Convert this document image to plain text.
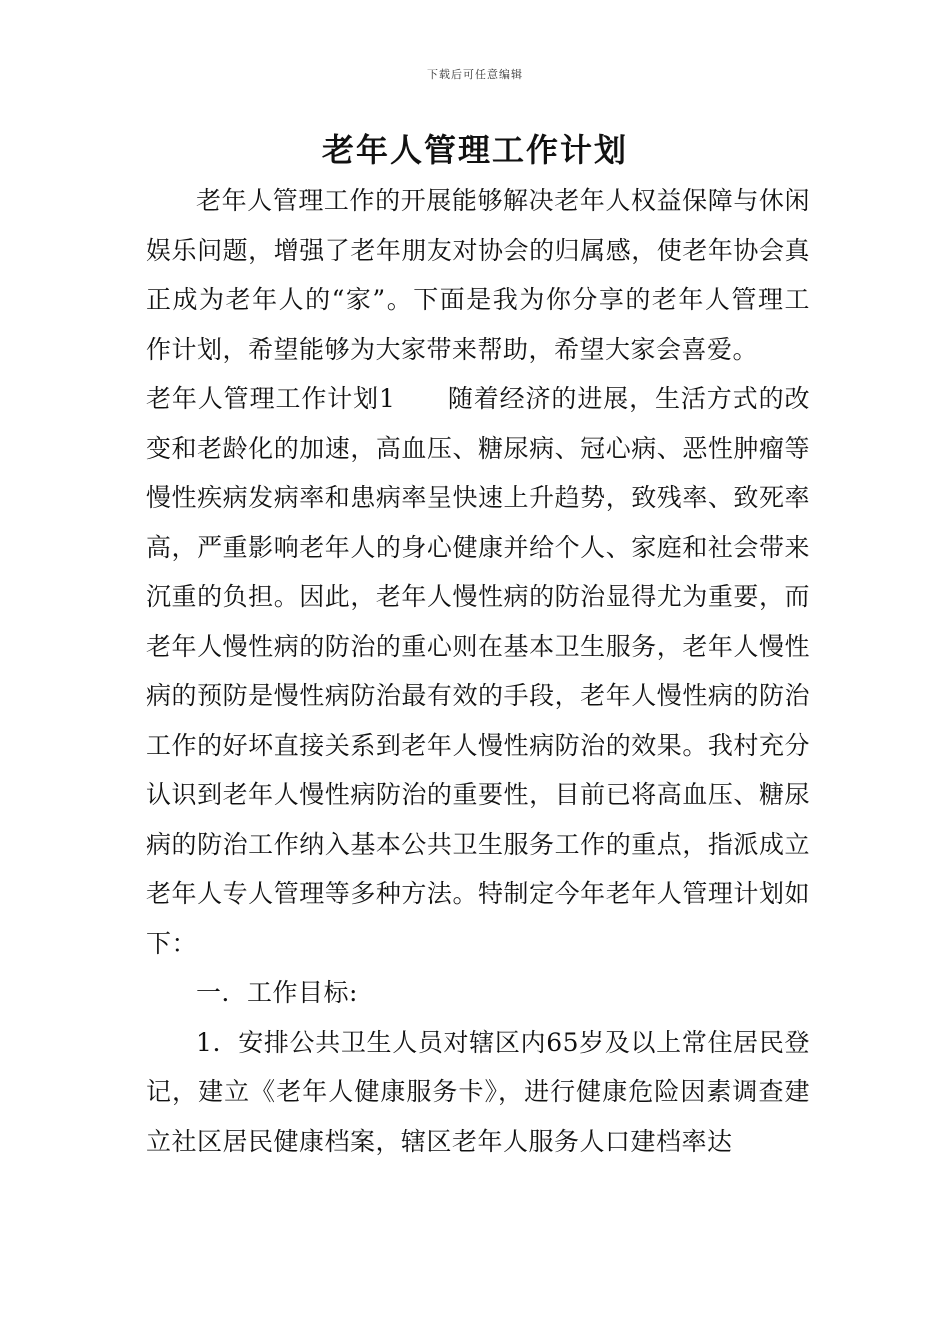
下载后可任意编辑
老年人管理工作计划

老年人管理工作的开展能够解决老年人权益保障与休闲娱乐问题，增强了老年朋友对协会的归属感，使老年协会真正成为老年人的“家”。下面是我为你分享的老年人管理工作计划，希望能够为大家带来帮助，希望大家会喜爱。

老年人管理工作计划1 随着经济的进展，生活方式的改变和老龄化的加速，高血压、糖尿病、冠心病、恶性肿瘤等慢性疾病发病率和患病率呈快速上升趋势，致残率、致死率高，严重影响老年人的身心健康并给个人、家庭和社会带来沉重的负担。因此，老年人慢性病的防治显得尤为重要，而老年人慢性病的防治的重心则在基本卫生服务，老年人慢性病的预防是慢性病防治最有效的手段，老年人慢性病的防治工作的好坏直接关系到老年人慢性病防治的效果。我村充分认识到老年人慢性病防治的重要性，目前已将高血压、糖尿病的防治工作纳入基本公共卫生服务工作的重点，指派成立老年人专人管理等多种方法。特制定今年老年人管理计划如下：

一．工作目标:

1．安排公共卫生人员对辖区内65岁及以上常住居民登记，建立《老年人健康服务卡》，进行健康危险因素调查建立社区居民健康档案，辖区老年人服务人口建档率达
